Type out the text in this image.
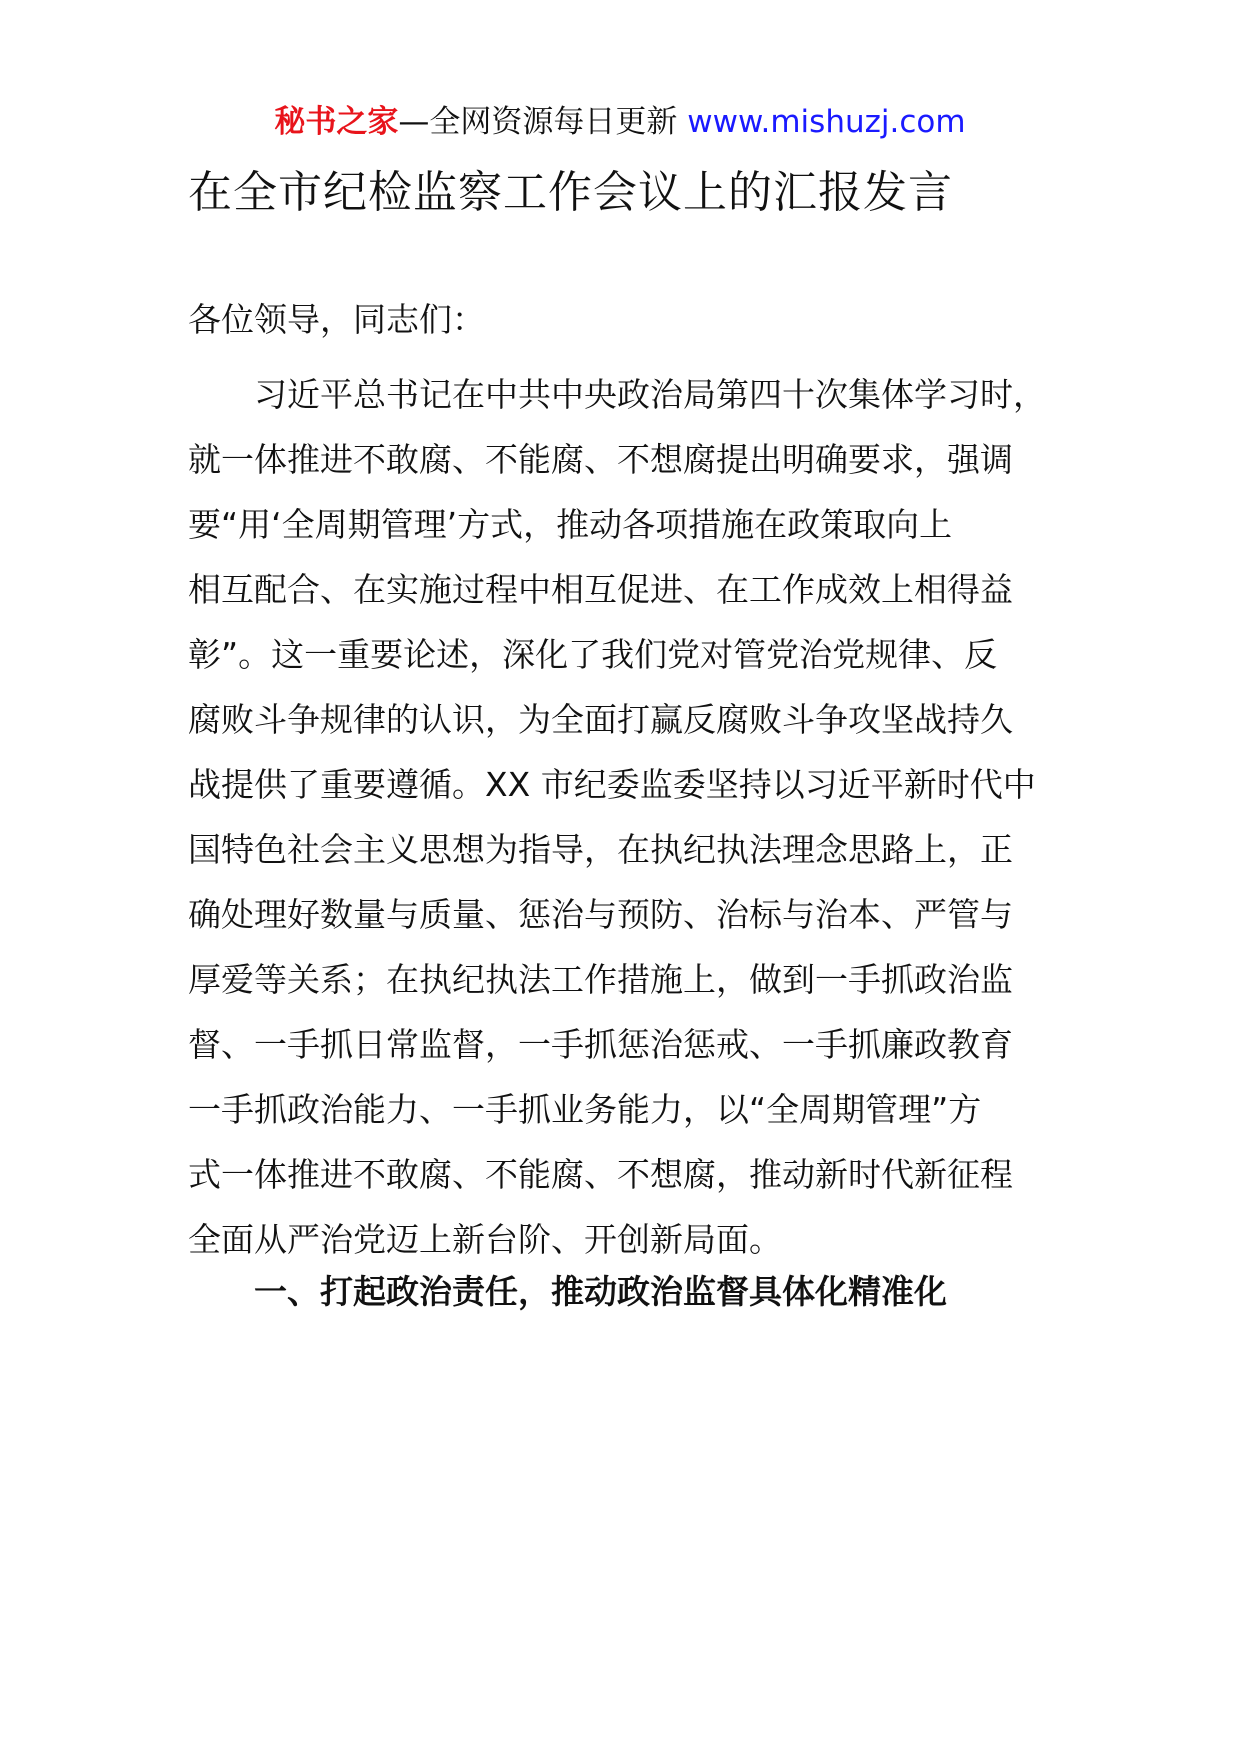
秘书之家—全网资源每日更新 www.mishuzj.com
在全市纪检监察工作会议上的汇报发言
各位领导，同志们：
习近平总书记在中共中央政治局第四十次集体学习时，
就一体推进不敢腐、不能腐、不想腐提出明确要求，强调
要“用‘全周期管理’方式，推动各项措施在政策取向上
相互配合、在实施过程中相互促进、在工作成效上相得益
彰”。这一重要论述，深化了我们党对管党治党规律、反
腐败斗争规律的认识，为全面打赢反腐败斗争攻坚战持久
战提供了重要遵循。XX 市纪委监委坚持以习近平新时代中
国特色社会主义思想为指导，在执纪执法理念思路上，正
确处理好数量与质量、惩治与预防、治标与治本、严管与
厚爱等关系；在执纪执法工作措施上，做到一手抓政治监
督、一手抓日常监督，一手抓惩治惩戒、一手抓廉政教育
一手抓政治能力、一手抓业务能力，以“全周期管理”方
式一体推进不敢腐、不能腐、不想腐，推动新时代新征程
全面从严治党迈上新台阶、开创新局面。
一、打起政治责任，推动政治监督具体化精准化
